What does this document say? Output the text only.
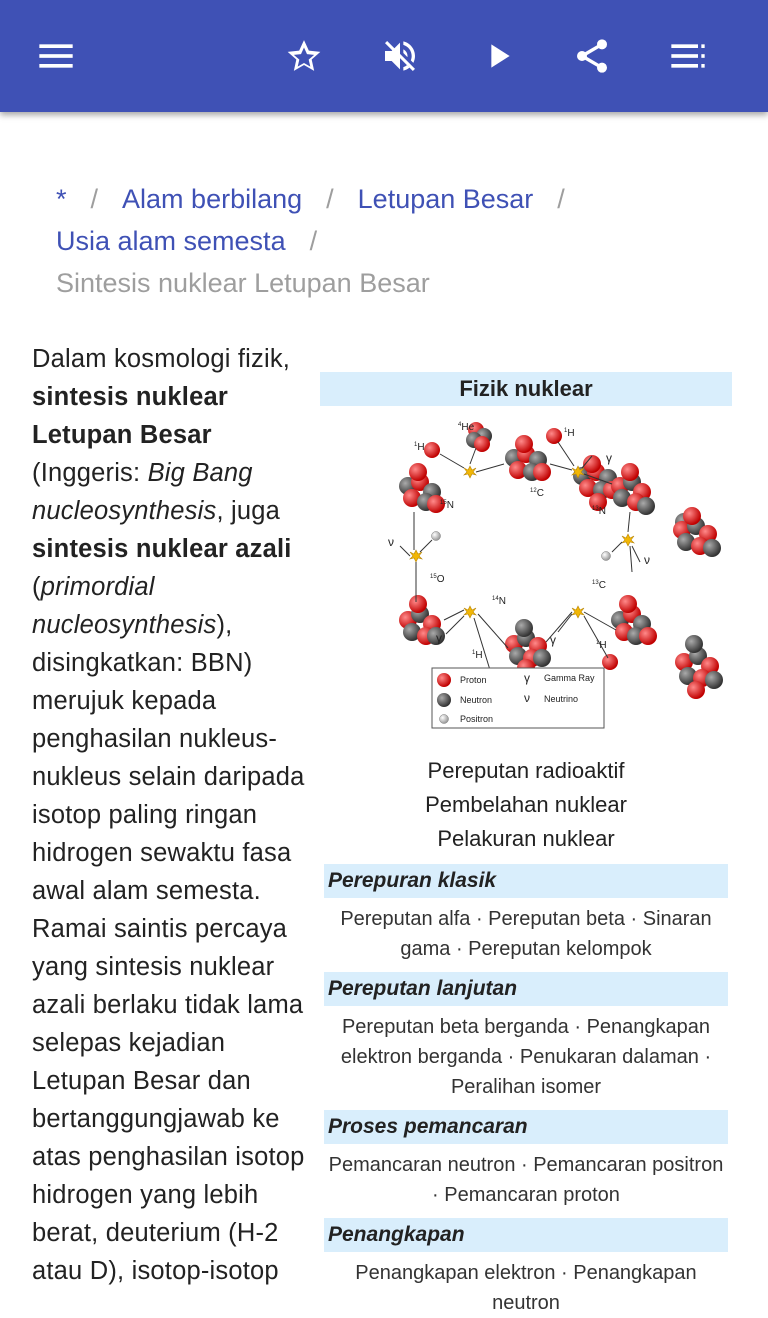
* / Alam berbilang / Letupan Besar /
Usia alam semesta /
Sintesis nuklear Letupan Besar
Dalam kosmologi fizik, sintesis nuklear Letupan Besar (Inggeris: Big Bang nucleosynthesis, juga sintesis nuklear azali (primordial nucleosynthesis), disingkatkan: BBN) merujuk kepada penghasilan nukleus-nukleus selain daripada isotop paling ringan hidrogen sewaktu fasa awal alam semesta. Ramai saintis percaya yang sintesis nuklear azali berlaku tidak lama selepas kejadian Letupan Besar dan bertanggungjawab ke atas penghasilan isotop hidrogen yang lebih berat, deuterium (H-2 atau D), isotop-isotop
Fizik nuklear
$^4$He
$^1$H
$^1$H
$^{12}$C
$^{15}$N	$^{13}$N
$^{15}$O	$^{13}$C
$^{14}$N
$^1$H
$^1$H
γ
γ	γ
ν
ν
Proton
Neutron
Positron
γ Gamma Ray
ν Neutrino
Pereputan radioaktif
Pembelahan nuklear
Pelakuran nuklear
Perepuran klasik
Pereputan alfa · Pereputan beta · Sinaran gama · Pereputan kelompok
Pereputan lanjutan
Pereputan beta berganda · Penangkapan elektron berganda · Penukaran dalaman · Peralihan isomer
Proses pemancaran
Pemancaran neutron · Pemancaran positron · Pemancaran proton
Penangkapan
Penangkapan elektron · Penangkapan neutron
